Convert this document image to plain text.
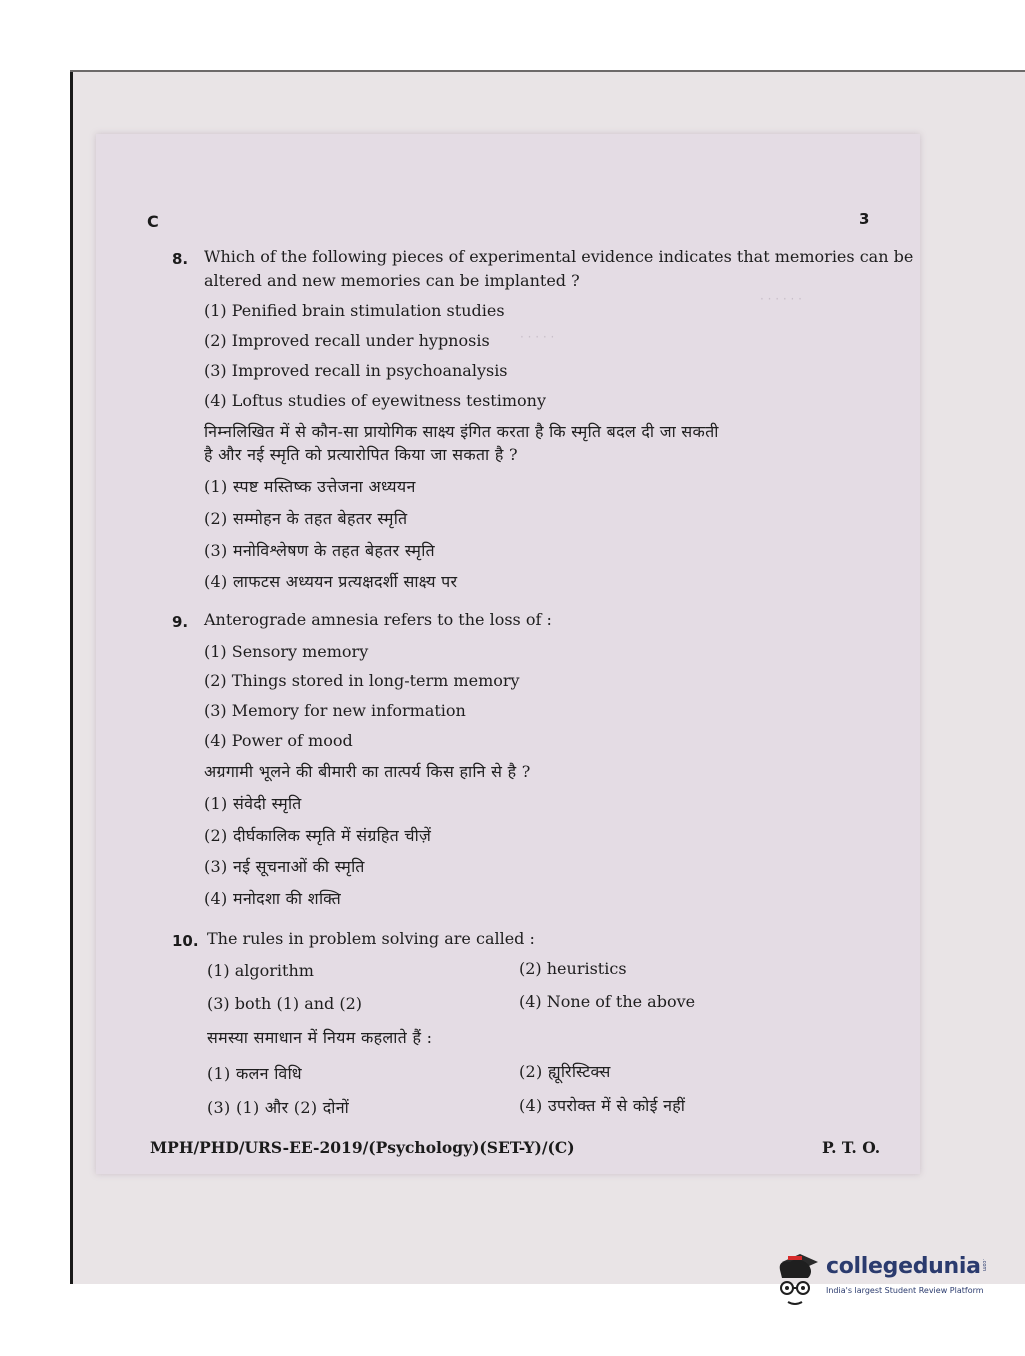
· · · · · ·
· · · · ·
C	3
8. Which of the following pieces of experimental evidence indicates that memories can be
altered and new memories can be implanted ?
(1) Penified brain stimulation studies
(2) Improved recall under hypnosis
(3) Improved recall in psychoanalysis
(4) Loftus studies of eyewitness testimony
निम्नलिखित में से कौन-सा प्रायोगिक साक्ष्य इंगित करता है कि स्मृति बदल दी जा सकती
है और नई स्मृति को प्रत्यारोपित किया जा सकता है ?
(1) स्पष्ट मस्तिष्क उत्तेजना अध्ययन
(2) सम्मोहन के तहत बेहतर स्मृति
(3) मनोविश्लेषण के तहत बेहतर स्मृति
(4) लाफटस अध्ययन प्रत्यक्षदर्शी साक्ष्य पर
9. Anterograde amnesia refers to the loss of :
(1) Sensory memory
(2) Things stored in long-term memory
(3) Memory for new information
(4) Power of mood
अग्रगामी भूलने की बीमारी का तात्पर्य किस हानि से है ?
(1) संवेदी स्मृति
(2) दीर्घकालिक स्मृति में संग्रहित चीज़ें
(3) नई सूचनाओं की स्मृति
(4) मनोदशा की शक्ति
10. The rules in problem solving are called :
(1) algorithm	(2) heuristics
(3) both (1) and (2)	(4) None of the above
समस्या समाधान में नियम कहलाते हैं :
(1) कलन विधि	(2) ह्यूरिस्टिक्स
(3) (1) और (2) दोनों	(4) उपरोक्त में से कोई नहीं
MPH/PHD/URS-EE-2019/(Psychology)(SET-Y)/(C)	P. T. O.
collegedunia .com
India's largest Student Review Platform
